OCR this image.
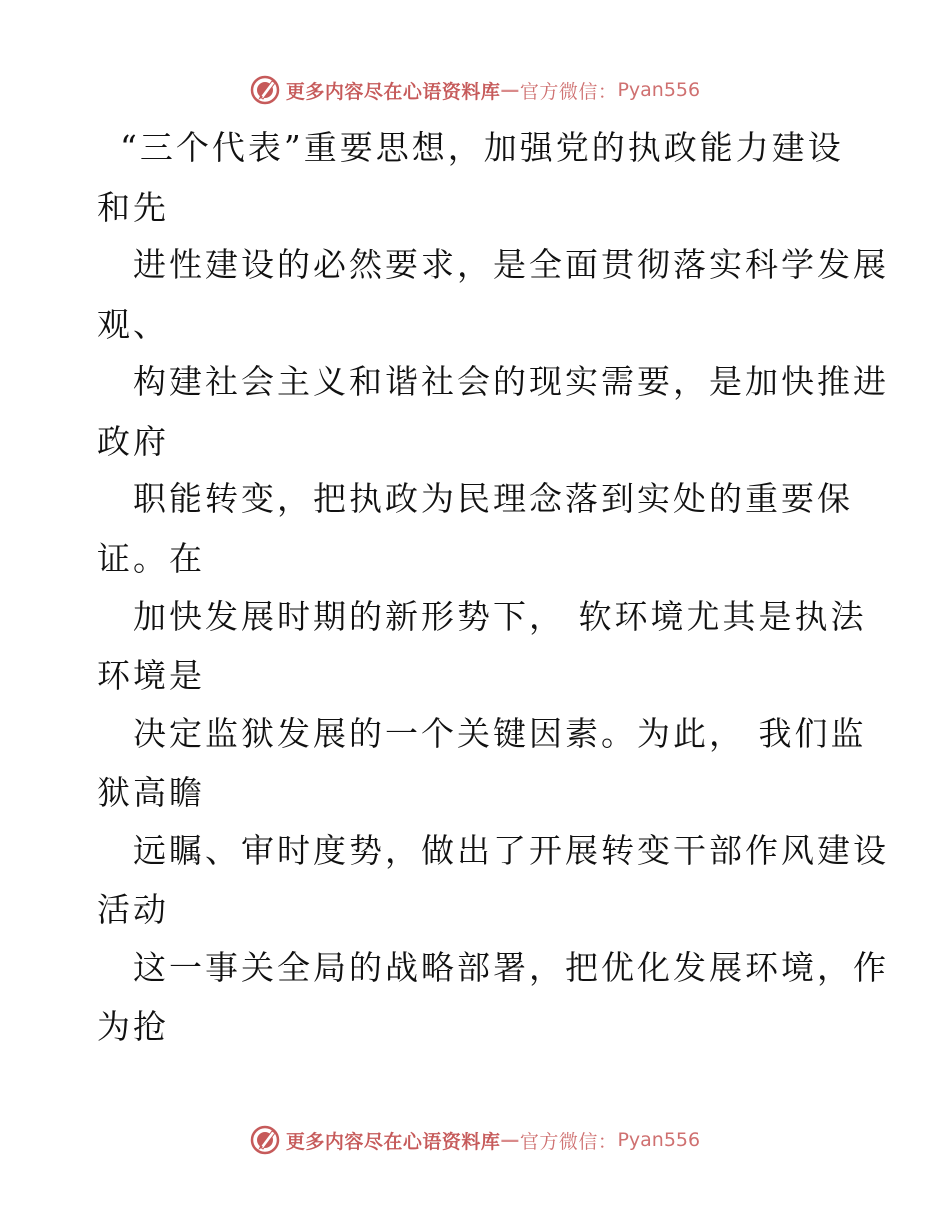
更多内容尽在心语资料库 — 官方微信： Pyan556
“三个代表”重要思想，加强党的执政能力建设
和先
进性建设的必然要求，是全面贯彻落实科学发展
观、
构建社会主义和谐社会的现实需要，是加快推进
政府
职能转变，把执政为民理念落到实处的重要保
证。在
加快发展时期的新形势下， 软环境尤其是执法
环境是
决定监狱发展的一个关键因素。为此， 我们监
狱高瞻
远瞩、审时度势，做出了开展转变干部作风建设
活动
这一事关全局的战略部署，把优化发展环境，作
为抢
更多内容尽在心语资料库 — 官方微信： Pyan556
